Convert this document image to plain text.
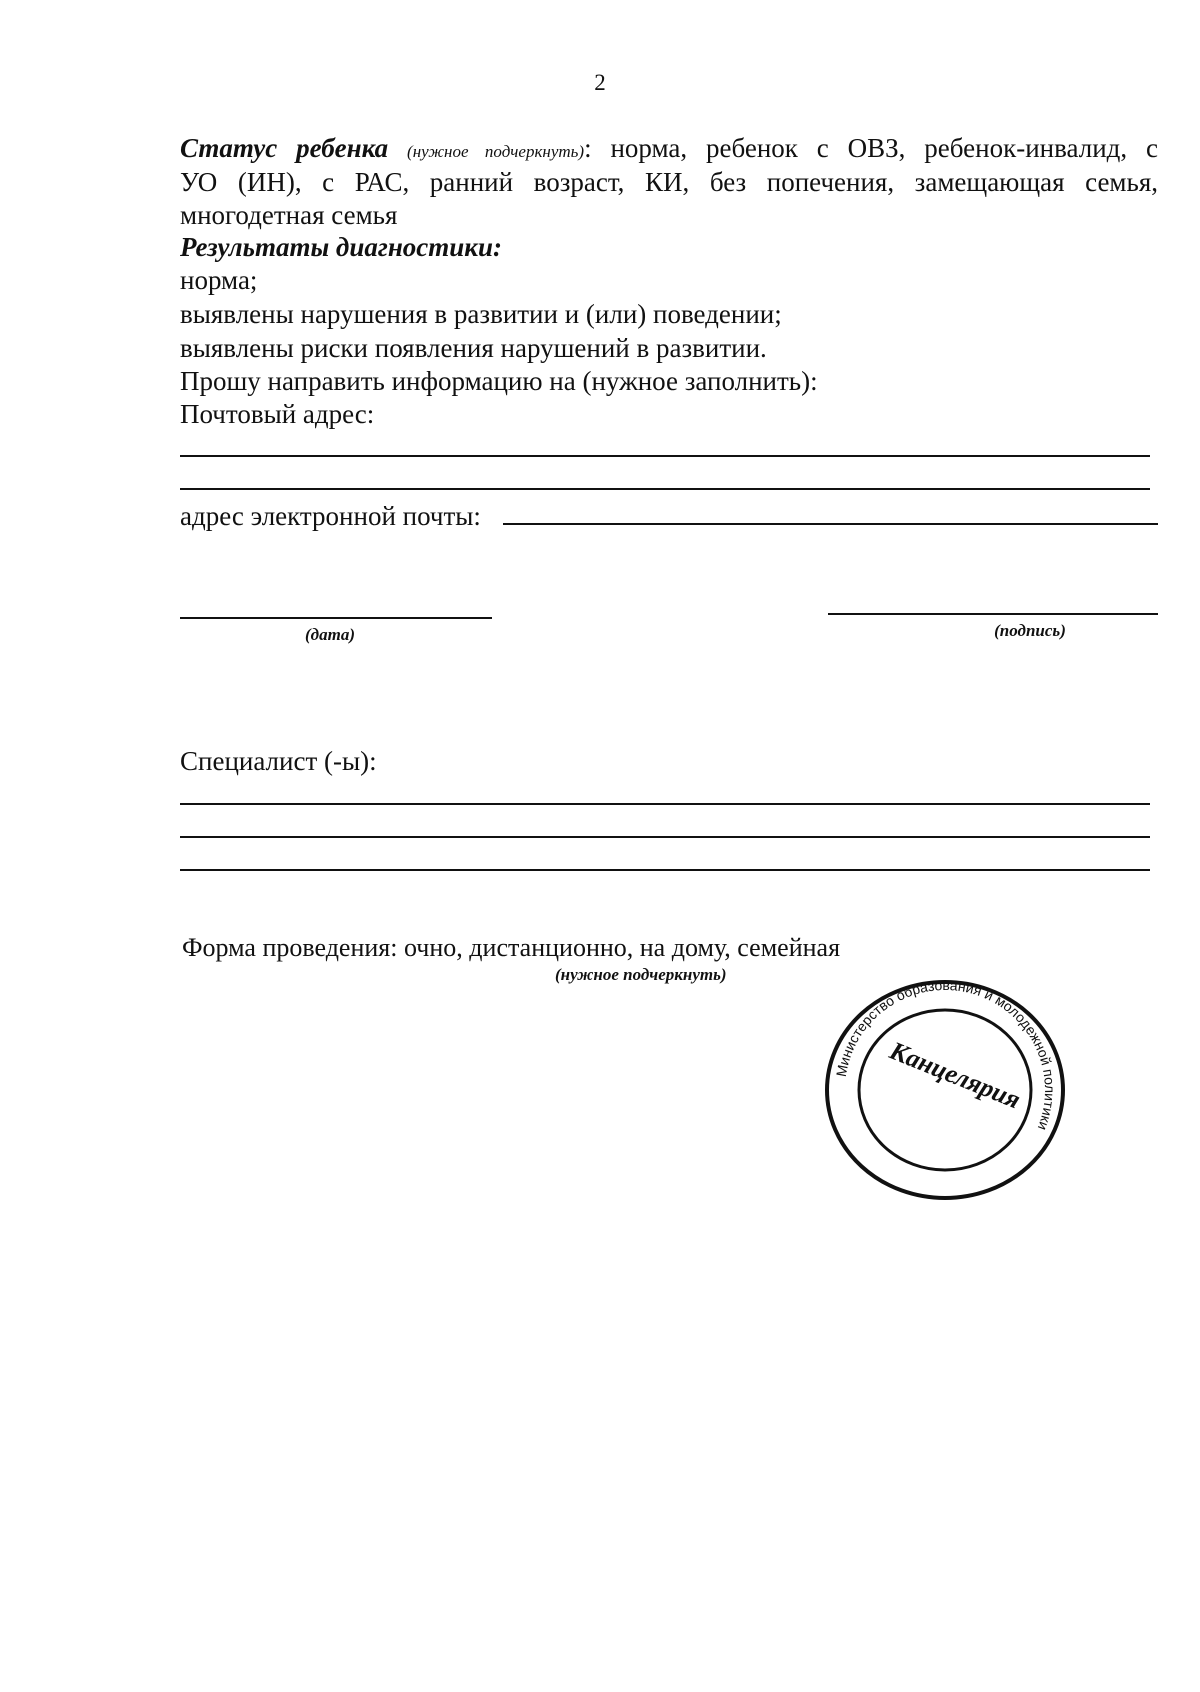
2
Статус ребенка (нужное подчеркнуть): норма, ребенок с ОВЗ, ребенок-инвалид, с
УО (ИН), с РАС, ранний возраст, КИ, без попечения, замещающая семья,
многодетная семья
Результаты диагностики:
норма;
выявлены нарушения в развитии и (или) поведении;
выявлены риски появления нарушений в развитии.
Прошу направить информацию на (нужное заполнить):
Почтовый адрес:
адрес электронной почты:
(дата)	(подпись)
Специалист (-ы):
Форма проведения: очно, дистанционно, на дому, семейная
(нужное подчеркнуть)
Министерство образования и молодежной политики
Канцелярия
